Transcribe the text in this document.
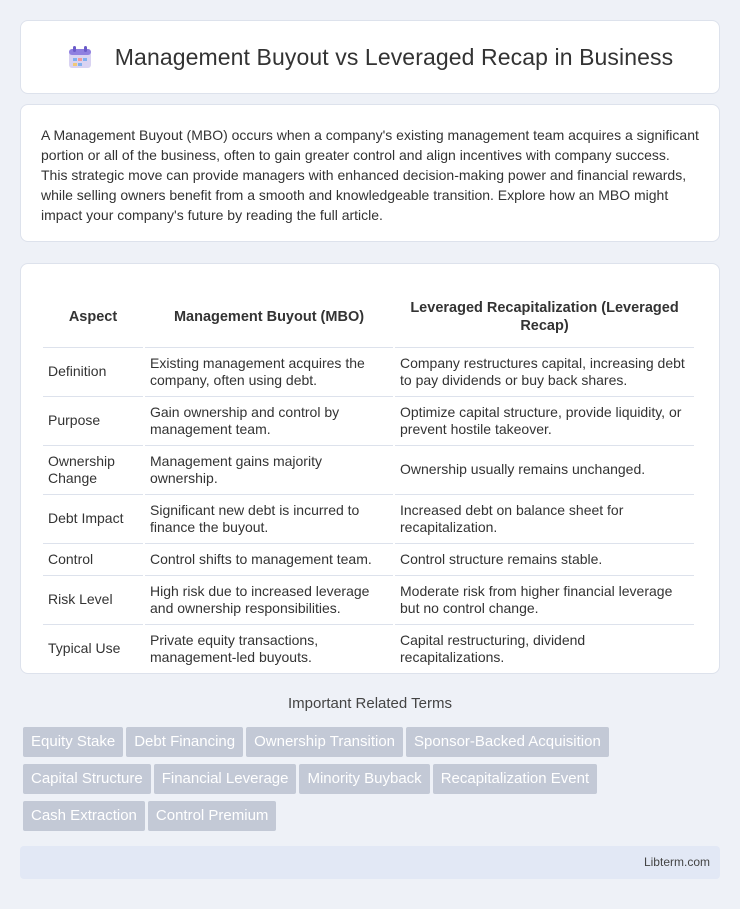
Management Buyout vs Leveraged Recap in Business

A Management Buyout (MBO) occurs when a company's existing management team acquires a significant portion or all of the business, often to gain greater control and align incentives with company success. This strategic move can provide managers with enhanced decision-making power and financial rewards, while selling owners benefit from a smooth and knowledgeable transition. Explore how an MBO might impact your company's future by reading the full article.

Aspect	Management Buyout (MBO)	Leveraged Recapitalization (Leveraged Recap)
Definition	Existing management acquires the company, often using debt.	Company restructures capital, increasing debt to pay dividends or buy back shares.
Purpose	Gain ownership and control by management team.	Optimize capital structure, provide liquidity, or prevent hostile takeover.
Ownership Change	Management gains majority ownership.	Ownership usually remains unchanged.
Debt Impact	Significant new debt is incurred to finance the buyout.	Increased debt on balance sheet for recapitalization.
Control	Control shifts to management team.	Control structure remains stable.
Risk Level	High risk due to increased leverage and ownership responsibilities.	Moderate risk from higher financial leverage but no control change.
Typical Use	Private equity transactions, management-led buyouts.	Capital restructuring, dividend recapitalizations.
Important Related Terms
Equity Stake Debt Financing Ownership Transition Sponsor-Backed Acquisition
Capital Structure Financial Leverage Minority Buyback Recapitalization Event
Cash Extraction Control Premium
Libterm.com
